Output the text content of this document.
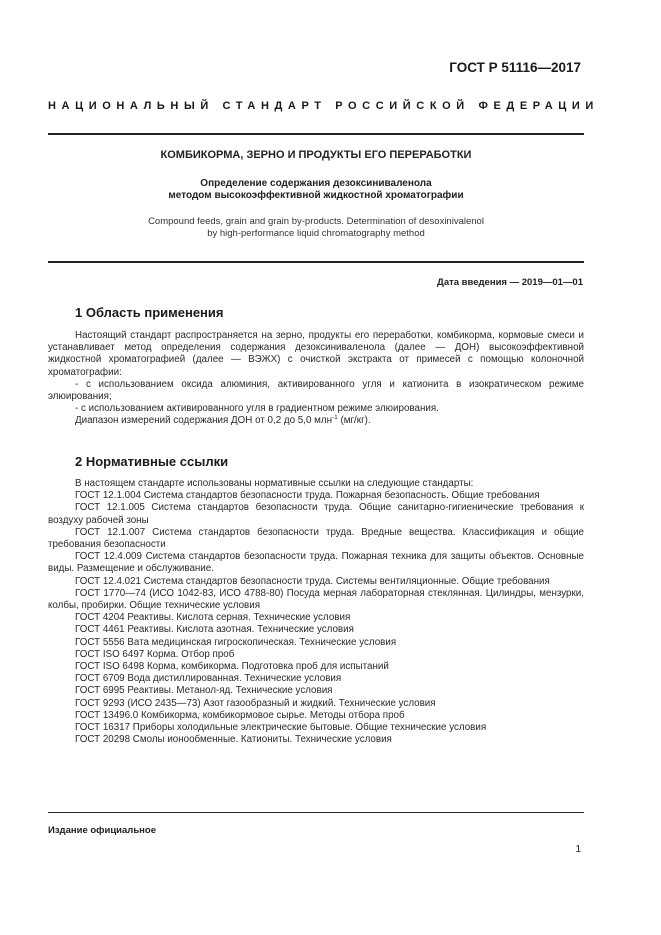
ГОСТ Р 51116—2017
НАЦИОНАЛЬНЫЙ СТАНДАРТ РОССИЙСКОЙ ФЕДЕРАЦИИ
КОМБИКОРМА, ЗЕРНО И ПРОДУКТЫ ЕГО ПЕРЕРАБОТКИ
Определение содержания дезоксиниваленола
методом высокоэффективной жидкостной хроматографии
Compound feeds, grain and grain by-products. Determination of desoxinivalenol
by high-performance liquid chromatography method
Дата введения — 2019—01—01
1 Область применения

Настоящий стандарт распространяется на зерно, продукты его переработки, комбикорма, кормовые смеси и устанавливает метод определения содержания дезоксиниваленола (далее — ДОН) высокоэффективной жидкостной хроматографией (далее — ВЭЖХ) с очисткой экстракта от примесей с помощью колоночной хроматографии:

- с использованием оксида алюминия, активированного угля и катионита в изократическом режиме элюирования;

- с использованием активированного угля в градиентном режиме элюирования.

Диапазон измерений содержания ДОН от 0,2 до 5,0 млн$^{-1}$ (мг/кг).

2 Нормативные ссылки

В настоящем стандарте использованы нормативные ссылки на следующие стандарты:

ГОСТ 12.1.004 Система стандартов безопасности труда. Пожарная безопасность. Общие требования

ГОСТ 12.1.005 Система стандартов безопасности труда. Общие санитарно-гигиенические требования к воздуху рабочей зоны

ГОСТ 12.1.007 Система стандартов безопасности труда. Вредные вещества. Классификация и общие требования безопасности

ГОСТ 12.4.009 Система стандартов безопасности труда. Пожарная техника для защиты объектов. Основные виды. Размещение и обслуживание.

ГОСТ 12.4.021 Система стандартов безопасности труда. Системы вентиляционные. Общие требования

ГОСТ 1770—74 (ИСО 1042-83, ИСО 4788-80) Посуда мерная лабораторная стеклянная. Цилиндры, мензурки, колбы, пробирки. Общие технические условия

ГОСТ 4204 Реактивы. Кислота серная. Технические условия

ГОСТ 4461 Реактивы. Кислота азотная. Технические условия

ГОСТ 5556 Вата медицинская гигроскопическая. Технические условия

ГОСТ ISO 6497 Корма. Отбор проб

ГОСТ ISO 6498 Корма, комбикорма. Подготовка проб для испытаний

ГОСТ 6709 Вода дистиллированная. Технические условия

ГОСТ 6995 Реактивы. Метанол-яд. Технические условия

ГОСТ 9293 (ИСО 2435—73) Азот газообразный и жидкий. Технические условия

ГОСТ 13496.0 Комбикорма, комбикормовое сырье. Методы отбора проб

ГОСТ 16317 Приборы холодильные электрические бытовые. Общие технические условия

ГОСТ 20298 Смолы ионообменные. Катиониты. Технические условия

Издание официальное
1
